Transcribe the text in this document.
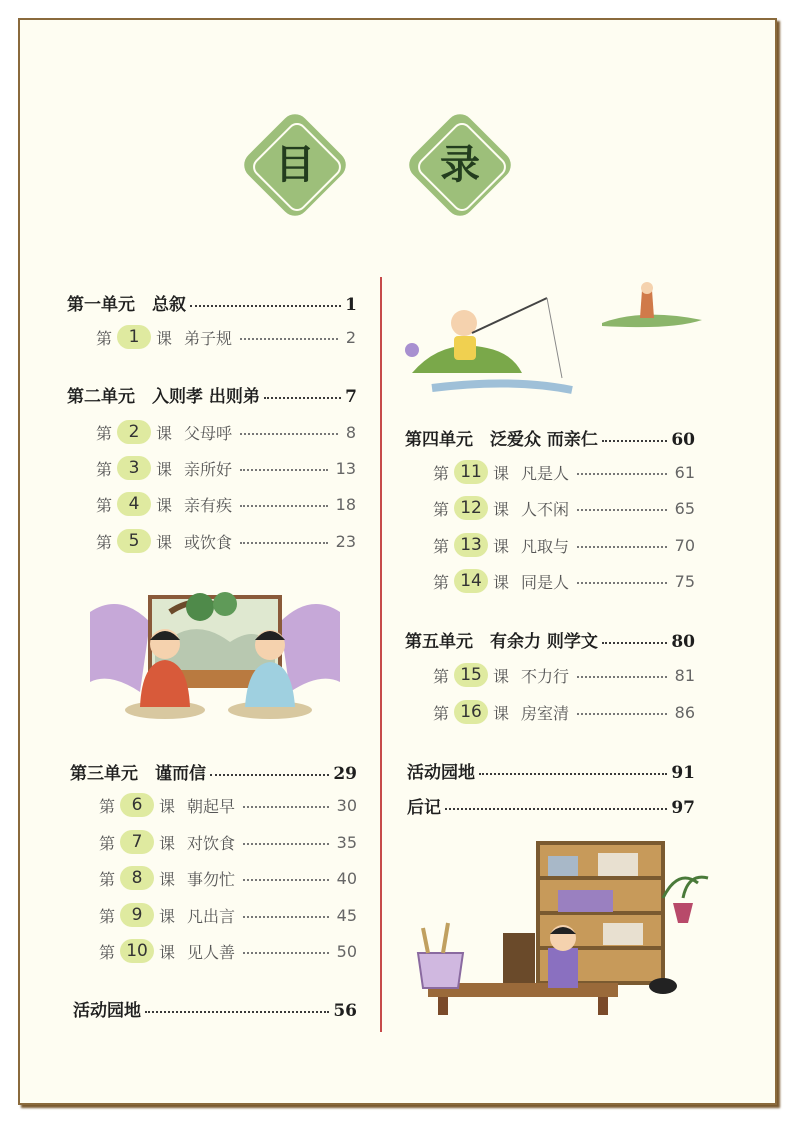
目	录
第一单元　总叙	1
第 1	课 弟子规	2
第二单元　入则孝 出则弟	7
第 2	课 父母呼	8
第 3	课 亲所好	13
第 4	课 亲有疾	18
第 5	课 或饮食	23
第三单元　谨而信	29
第 6	课 朝起早	30
第 7	课 对饮食	35
第 8	课 事勿忙	40
第 9	课 凡出言	45
第 10 课 见人善	50
活动园地	56
第四单元　泛爱众 而亲仁	60
第 11 课 凡是人	61
第 12 课 人不闲	65
第 13 课 凡取与	70
第 14 课 同是人	75
第五单元　有余力 则学文	80
第 15 课 不力行	81
第 16 课 房室清	86
活动园地	91
后记	97
